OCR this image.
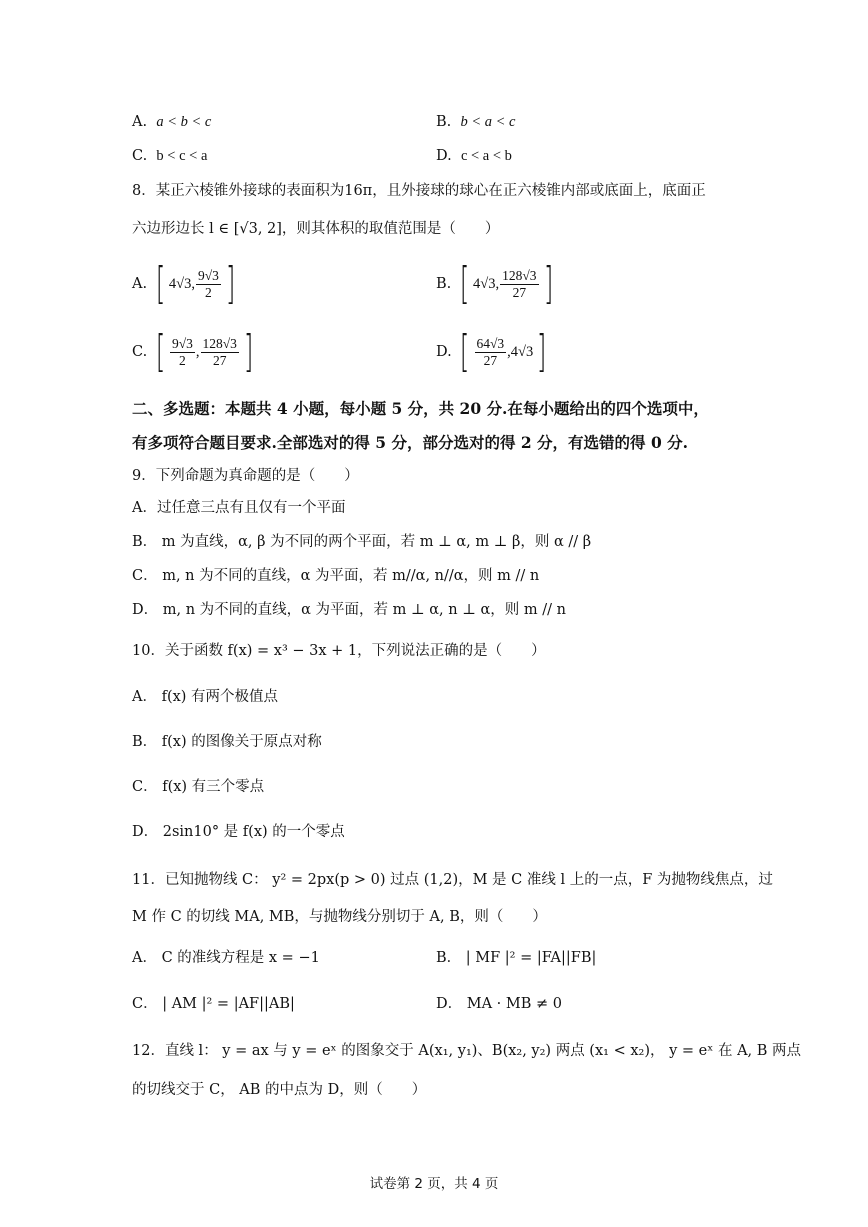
A. a < b < c	B. b < a < c
C. b < c < a	D. c < a < b
8．某正六棱锥外接球的表面积为16π，且外接球的球心在正六棱锥内部或底面上，底面正
六边形边长 l ∈ [√3, 2]，则其体积的取值范围是（　　）
A. [ 4√3, $\frac{9√3}{2}$ ]	B. [ 4√3, $\frac{128√3}{27}$ ]
C. [ $\frac{9√3}{2}$ , $\frac{128√3}{27}$ ]	D. [ $\frac{64√3}{27} ,4√3$]
二、多选题：本题共 4 小题，每小题 5 分，共 20 分.在每小题给出的四个选项中，
有多项符合题目要求.全部选对的得 5 分，部分选对的得 2 分，有选错的得 0 分.
9．下列命题为真命题的是（　　）
A．过任意三点有且仅有一个平面
B． m 为直线，α, β 为不同的两个平面，若 m ⊥ α, m ⊥ β，则 α // β
C． m, n 为不同的直线，α 为平面，若 m//α, n//α，则 m // n
D． m, n 为不同的直线，α 为平面，若 m ⊥ α, n ⊥ α，则 m // n
10．关于函数 f(x) = x³ − 3x + 1，下列说法正确的是（　　）
A． f(x) 有两个极值点
B． f(x) 的图像关于原点对称
C． f(x) 有三个零点
D． 2sin10° 是 f(x) 的一个零点
11．已知抛物线 C： y² = 2px(p > 0) 过点 (1,2)，M 是 C 准线 l 上的一点，F 为抛物线焦点，过
M 作 C 的切线 MA, MB，与抛物线分别切于 A, B，则（　　）
A． C 的准线方程是 x = −1	B． | MF |² = |FA||FB|
C． | AM |² = |AF||AB|	D． MA · MB ≠ 0
12．直线 l： y = ax 与 y = eˣ 的图象交于 A(x₁, y₁)、B(x₂, y₂) 两点 (x₁ < x₂)， y = eˣ 在 A, B 两点
的切线交于 C， AB 的中点为 D，则（　　）
试卷第 2 页，共 4 页
